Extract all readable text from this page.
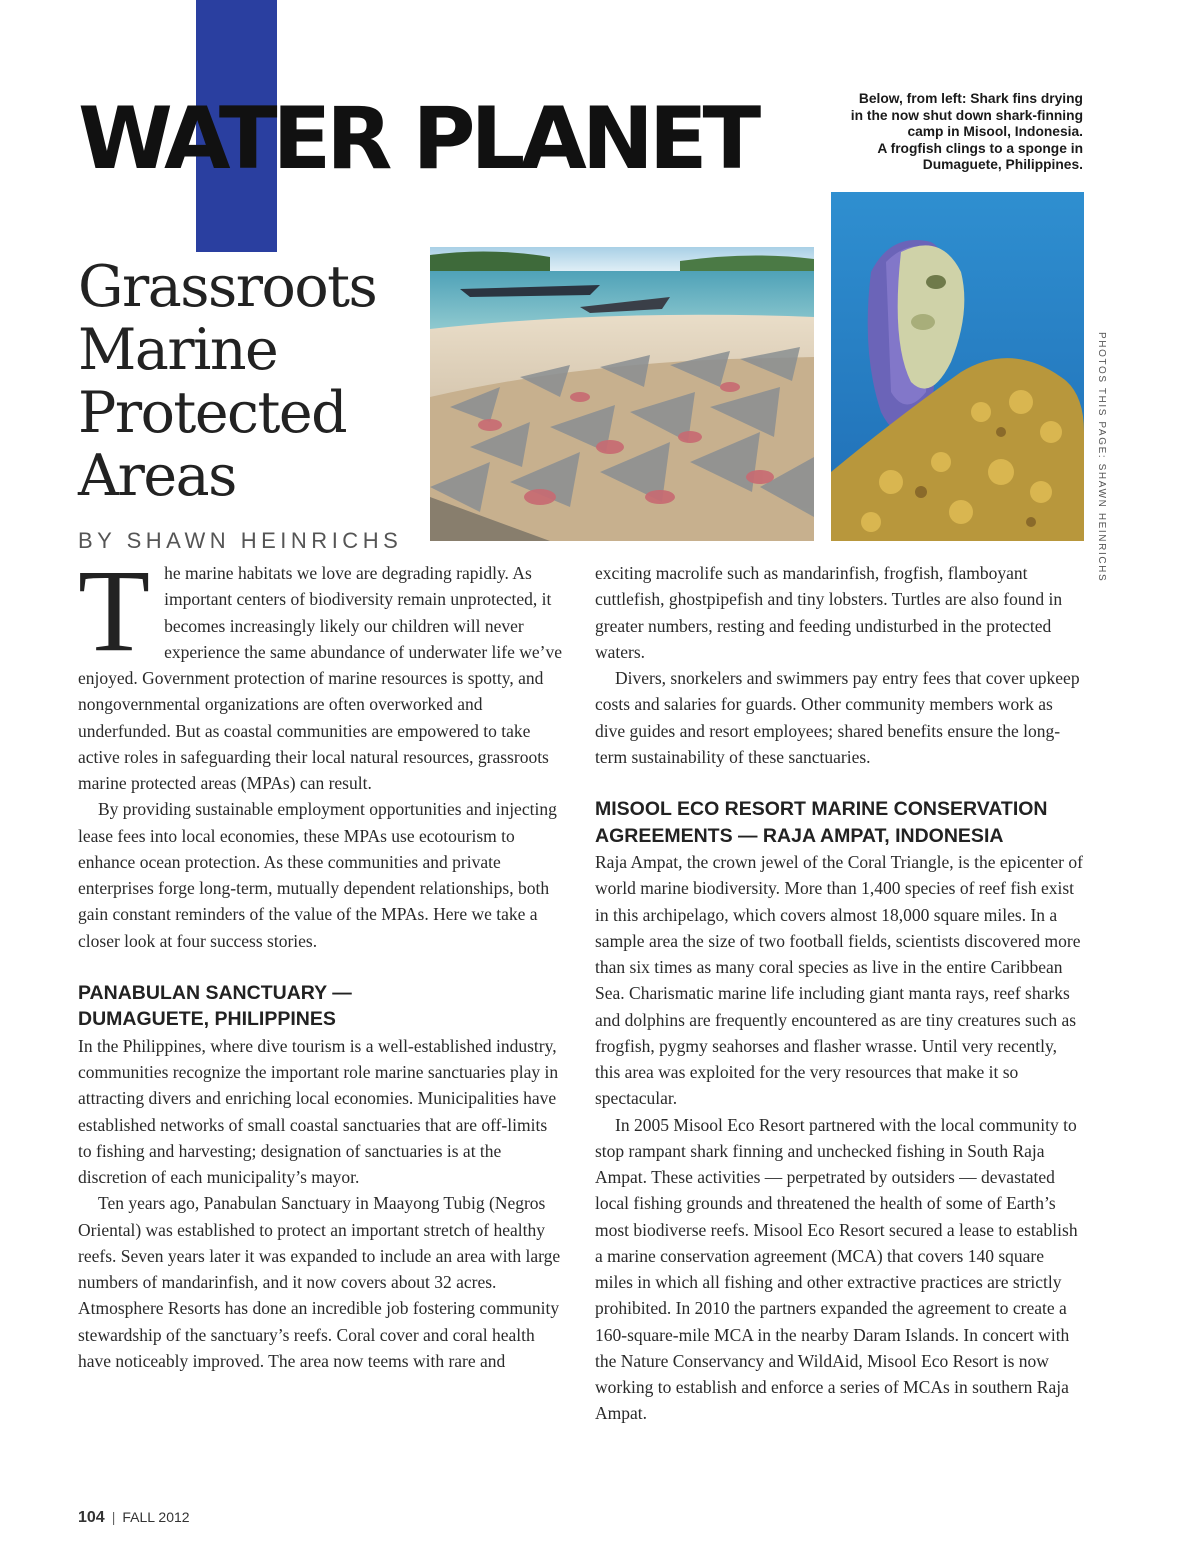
WATER PLANET	Below, from left: Shark fins drying
in the now shut down shark-finning
camp in Misool, Indonesia.
A frogfish clings to a sponge in
Dumaguete, Philippines.
PHOTOS THIS PAGE: SHAWN HEINRICHS
Grassroots
Marine
Protected
Areas
BY SHAWN HEINRICHS

The marine habitats we love are degrading rapidly. As important centers of biodiversity remain unprotected, it becomes increasingly likely our children will never experience the same abundance of underwater life we’ve enjoyed. Government protection of marine resources is spotty, and nongovernmental organizations are often overworked and underfunded. But as coastal communities are empowered to take active roles in safeguarding their local natural resources, grassroots marine protected areas (MPAs) can result.

By providing sustainable employment opportunities and injecting lease fees into local economies, these MPAs use ecotourism to enhance ocean protection. As these communities and private enterprises forge long-term, mutually dependent relationships, both gain constant reminders of the value of the MPAs. Here we take a closer look at four success stories.

PANABULAN SANCTUARY —
DUMAGUETE, PHILIPPINES

In the Philippines, where dive tourism is a well-established industry, communities recognize the important role marine sanctuaries play in attracting divers and enriching local economies. Municipalities have established networks of small coastal sanctuaries that are off-limits to fishing and harvesting; designation of sanctuaries is at the discretion of each municipality’s mayor.

Ten years ago, Panabulan Sanctuary in Maayong Tubig (Negros Oriental) was established to protect an important stretch of healthy reefs. Seven years later it was expanded to include an area with large numbers of mandarinfish, and it now covers about 32 acres. Atmosphere Resorts has done an incredible job fostering community stewardship of the sanctuary’s reefs. Coral cover and coral health have noticeably improved. The area now teems with rare and

exciting macrolife such as mandarinfish, frogfish, flamboyant cuttlefish, ghostpipefish and tiny lobsters. Turtles are also found in greater numbers, resting and feeding undisturbed in the protected waters.

Divers, snorkelers and swimmers pay entry fees that cover upkeep costs and salaries for guards. Other community members work as dive guides and resort employees; shared benefits ensure the long-term sustainability of these sanctuaries.

MISOOL ECO RESORT MARINE CONSERVATION
AGREEMENTS — RAJA AMPAT, INDONESIA

Raja Ampat, the crown jewel of the Coral Triangle, is the epicenter of world marine biodiversity. More than 1,400 species of reef fish exist in this archipelago, which covers almost 18,000 square miles. In a sample area the size of two football fields, scientists discovered more than six times as many coral species as live in the entire Caribbean Sea. Charismatic marine life including giant manta rays, reef sharks and dolphins are frequently encountered as are tiny creatures such as frogfish, pygmy seahorses and flasher wrasse. Until very recently, this area was exploited for the very resources that make it so spectacular.

In 2005 Misool Eco Resort partnered with the local community to stop rampant shark finning and unchecked fishing in South Raja Ampat. These activities — perpetrated by outsiders — devastated local fishing grounds and threatened the health of some of Earth’s most biodiverse reefs. Misool Eco Resort secured a lease to establish a marine conservation agreement (MCA) that covers 140 square miles in which all fishing and other extractive practices are strictly prohibited. In 2010 the partners expanded the agreement to create a 160-square-mile MCA in the nearby Daram Islands. In concert with the Nature Conservancy and WildAid, Misool Eco Resort is now working to establish and enforce a series of MCAs in southern Raja Ampat.

104 | FALL 2012
